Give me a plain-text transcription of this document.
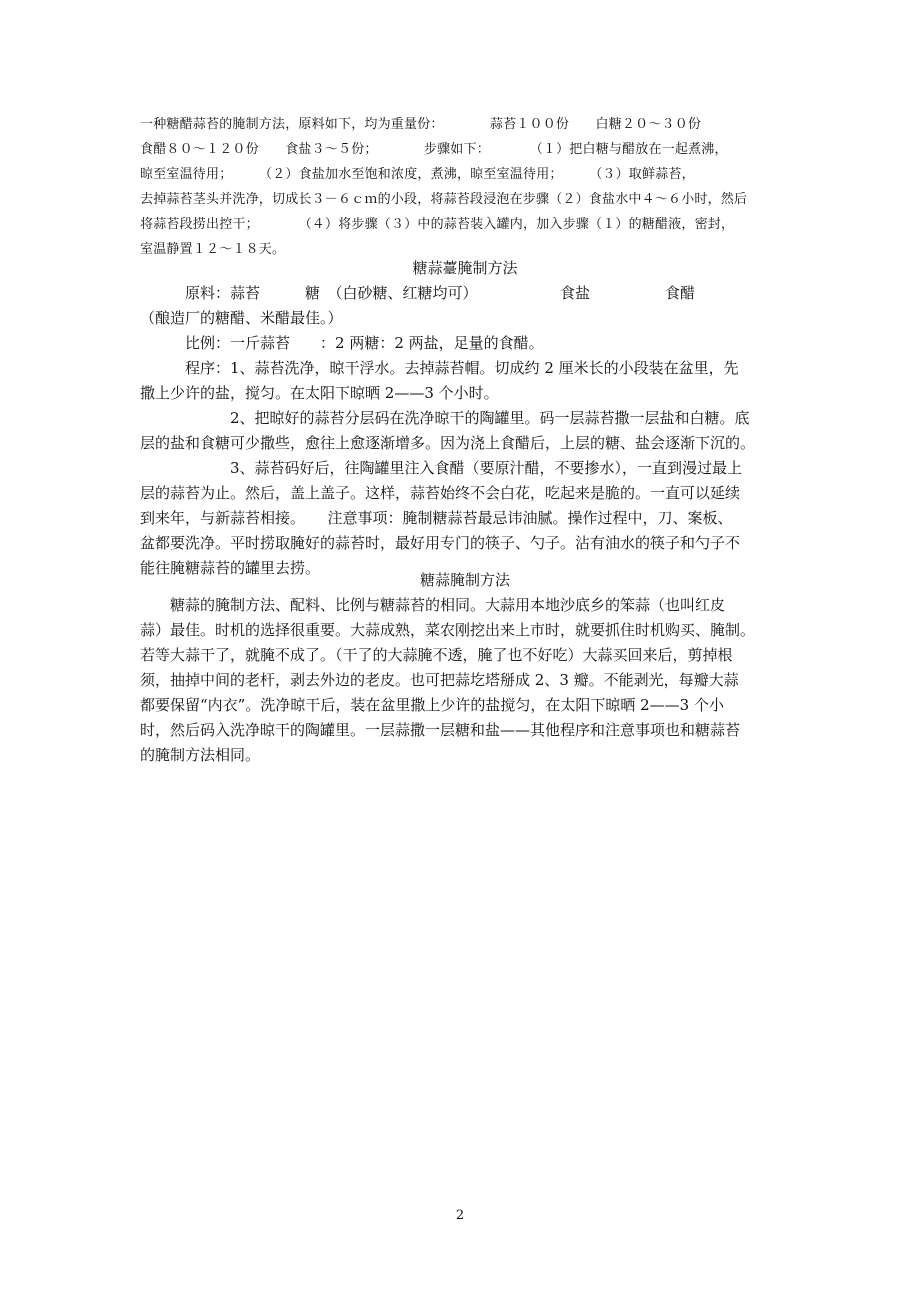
一种糖醋蒜苔的腌制方法，原料如下，均为重量份：　　　　蒜苔１００份　　白糖２０～３０份
食醋８０～１２０份　　食盐３～５份；　　　　步骤如下：　　　　（１）把白糖与醋放在一起煮沸，
晾至室温待用；　　　（２）食盐加水至饱和浓度，煮沸，晾至室温待用；　　　（３）取鲜蒜苔，
去掉蒜苔茎头并洗净，切成长３－６ｃｍ的小段，将蒜苔段浸泡在步骤（２）食盐水中４～６小时，然后
将蒜苔段捞出控干；　　　　（４）将步骤（３）中的蒜苔装入罐内，加入步骤（１）的糖醋液，密封，
室温静置１２～１８天。
糖蒜薹腌制方法
　　　原料：蒜苔　　　糖　（白砂糖、红糖均可）　　　　　　食盐　　　　　食醋
（酿造厂的糖醋、米醋最佳。）
　　　比例：一斤蒜苔　　：2 两糖：2 两盐，足量的食醋。
　　　程序：1、蒜苔洗净，晾干浮水。去掉蒜苔帽。切成约 2 厘米长的小段装在盆里，先
撒上少许的盐，搅匀。在太阳下晾晒 2——3 个小时。
　　　　　　2、把晾好的蒜苔分层码在洗净晾干的陶罐里。码一层蒜苔撒一层盐和白糖。底
层的盐和食糖可少撒些，愈往上愈逐渐增多。因为浇上食醋后，上层的糖、盐会逐渐下沉的。
　　　　　　3、蒜苔码好后，往陶罐里注入食醋（要原汁醋，不要掺水），一直到漫过最上
层的蒜苔为止。然后，盖上盖子。这样，蒜苔始终不会白花，吃起来是脆的。一直可以延续
到来年，与新蒜苔相接。　　注意事项：腌制糖蒜苔最忌讳油腻。操作过程中，刀、案板、
盆都要洗净。平时捞取腌好的蒜苔时，最好用专门的筷子、勺子。沾有油水的筷子和勺子不
能往腌糖蒜苔的罐里去捞。
糖蒜腌制方法
　　糖蒜的腌制方法、配料、比例与糖蒜苔的相同。大蒜用本地沙底乡的笨蒜（也叫红皮
蒜）最佳。时机的选择很重要。大蒜成熟，菜农刚挖出来上市时，就要抓住时机购买、腌制。
若等大蒜干了，就腌不成了。（干了的大蒜腌不透，腌了也不好吃）大蒜买回来后，剪掉根
须，抽掉中间的老杆，剥去外边的老皮。也可把蒜圪塔掰成 2、3 瓣。不能剥光，每瓣大蒜
都要保留“内衣”。洗净晾干后，装在盆里撒上少许的盐搅匀，在太阳下晾晒 2——3 个小
时，然后码入洗净晾干的陶罐里。一层蒜撒一层糖和盐——其他程序和注意事项也和糖蒜苔
的腌制方法相同。
2
